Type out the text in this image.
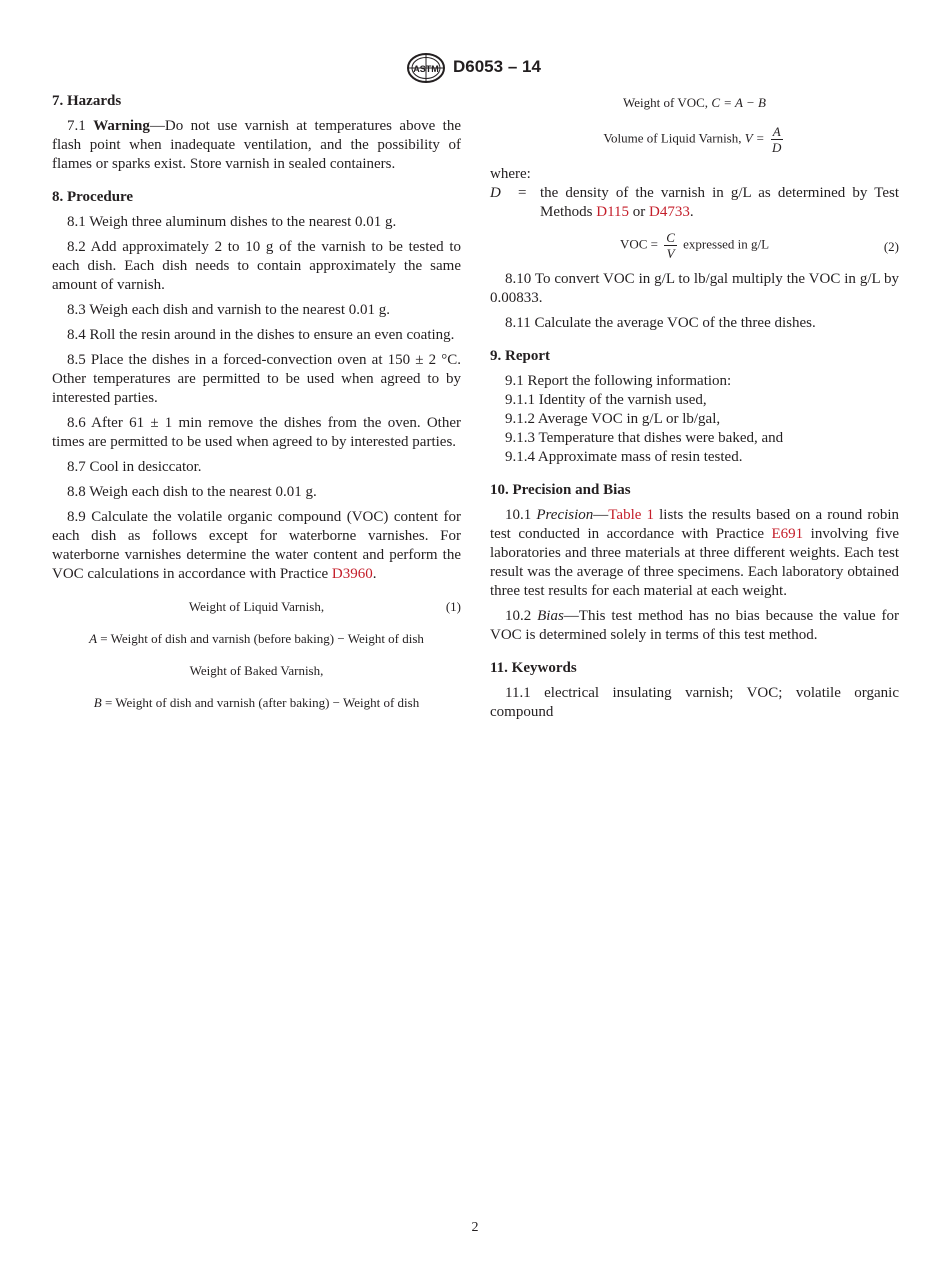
ASTM D6053 – 14
7. Hazards

7.1 Warning—Do not use varnish at temperatures above the flash point when inadequate ventilation, and the possibility of flames or sparks exist. Store varnish in sealed containers.

8. Procedure

8.1 Weigh three aluminum dishes to the nearest 0.01 g.

8.2 Add approximately 2 to 10 g of the varnish to be tested to each dish. Each dish needs to contain approximately the same amount of varnish.

8.3 Weigh each dish and varnish to the nearest 0.01 g.

8.4 Roll the resin around in the dishes to ensure an even coating.

8.5 Place the dishes in a forced-convection oven at 150 ± 2 °C. Other temperatures are permitted to be used when agreed to by interested parties.

8.6 After 61 ± 1 min remove the dishes from the oven. Other times are permitted to be used when agreed to by interested parties.

8.7 Cool in desiccator.

8.8 Weigh each dish to the nearest 0.01 g.

8.9 Calculate the volatile organic compound (VOC) content for each dish as follows except for waterborne varnishes. For waterborne varnishes determine the water content and perform the VOC calculations in accordance with Practice D3960.

Weight of Liquid Varnish,	(1)
A = Weight of dish and varnish (before baking) − Weight of dish
Weight of Baked Varnish,
B = Weight of dish and varnish (after baking) − Weight of dish
Weight of VOC, C = A − B
Volume of Liquid Varnish, $V = \frac{A}{D}$

where:

D = the density of the varnish in g/L as determined by Test Methods D115 or D4733.
VOC = $\frac{C}{V}$ expressed in g/L	(2)

8.10 To convert VOC in g/L to lb/gal multiply the VOC in g/L by 0.00833.

8.11 Calculate the average VOC of the three dishes.

9. Report

9.1 Report the following information:

9.1.1 Identity of the varnish used,

9.1.2 Average VOC in g/L or lb/gal,

9.1.3 Temperature that dishes were baked, and

9.1.4 Approximate mass of resin tested.

10. Precision and Bias

10.1 Precision—Table 1 lists the results based on a round robin test conducted in accordance with Practice E691 involving five laboratories and three materials at three different weights. Each test result was the average of three specimens. Each laboratory obtained three test results for each material at each weight.

10.2 Bias—This test method has no bias because the value for VOC is determined solely in terms of this test method.

11. Keywords

11.1 electrical insulating varnish; VOC; volatile organic compound

2
